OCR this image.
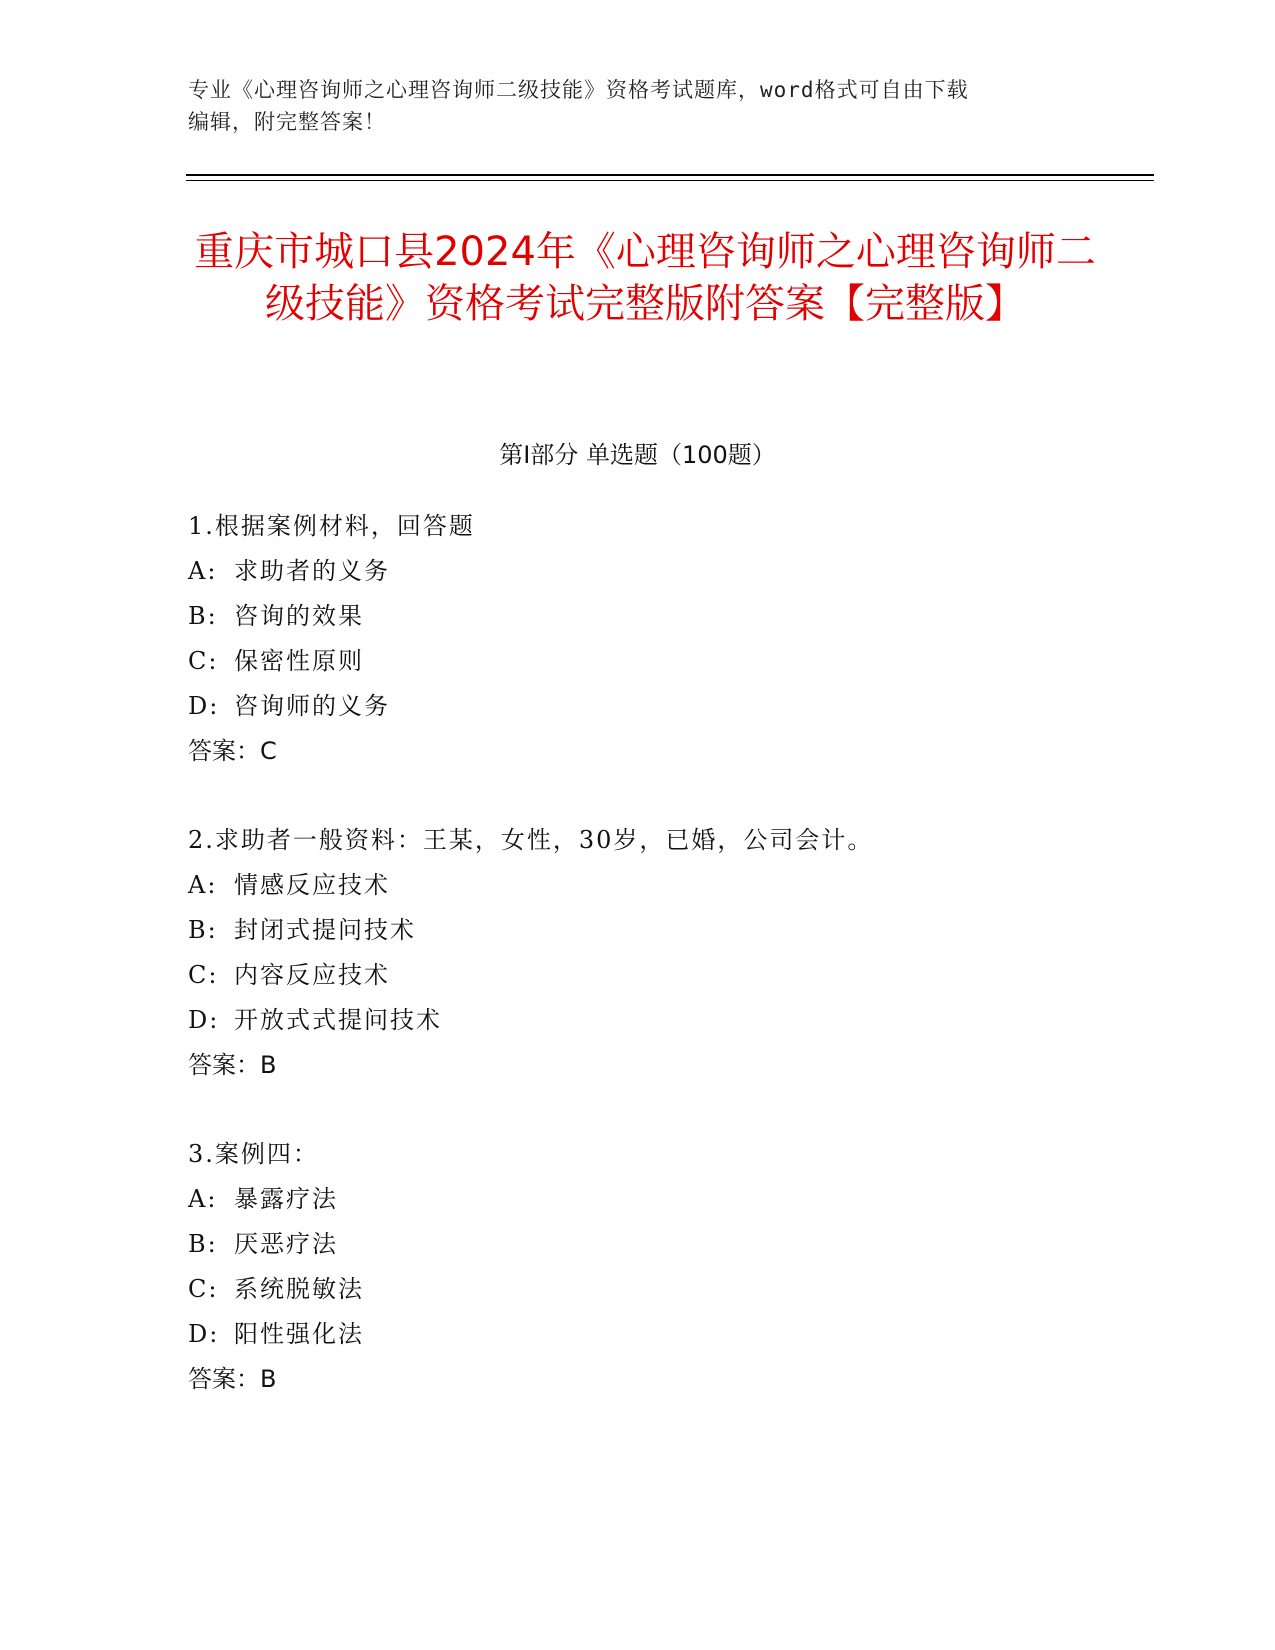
专业《心理咨询师之心理咨询师二级技能》资格考试题库，word格式可自由下载
编辑，附完整答案！
重庆市城口县2024年《心理咨询师之心理咨询师二级技能》资格考试完整版附答案【完整版】
第Ⅰ部分 单选题（100题）
1.根据案例材料，回答题
A: 求助者的义务
B: 咨询的效果
C: 保密性原则
D: 咨询师的义务
答案：C
2.求助者一般资料：王某，女性，30岁，已婚，公司会计。
A: 情感反应技术
B: 封闭式提问技术
C: 内容反应技术
D: 开放式式提问技术
答案：B
3.案例四：
A: 暴露疗法
B: 厌恶疗法
C: 系统脱敏法
D: 阳性强化法
答案：B
